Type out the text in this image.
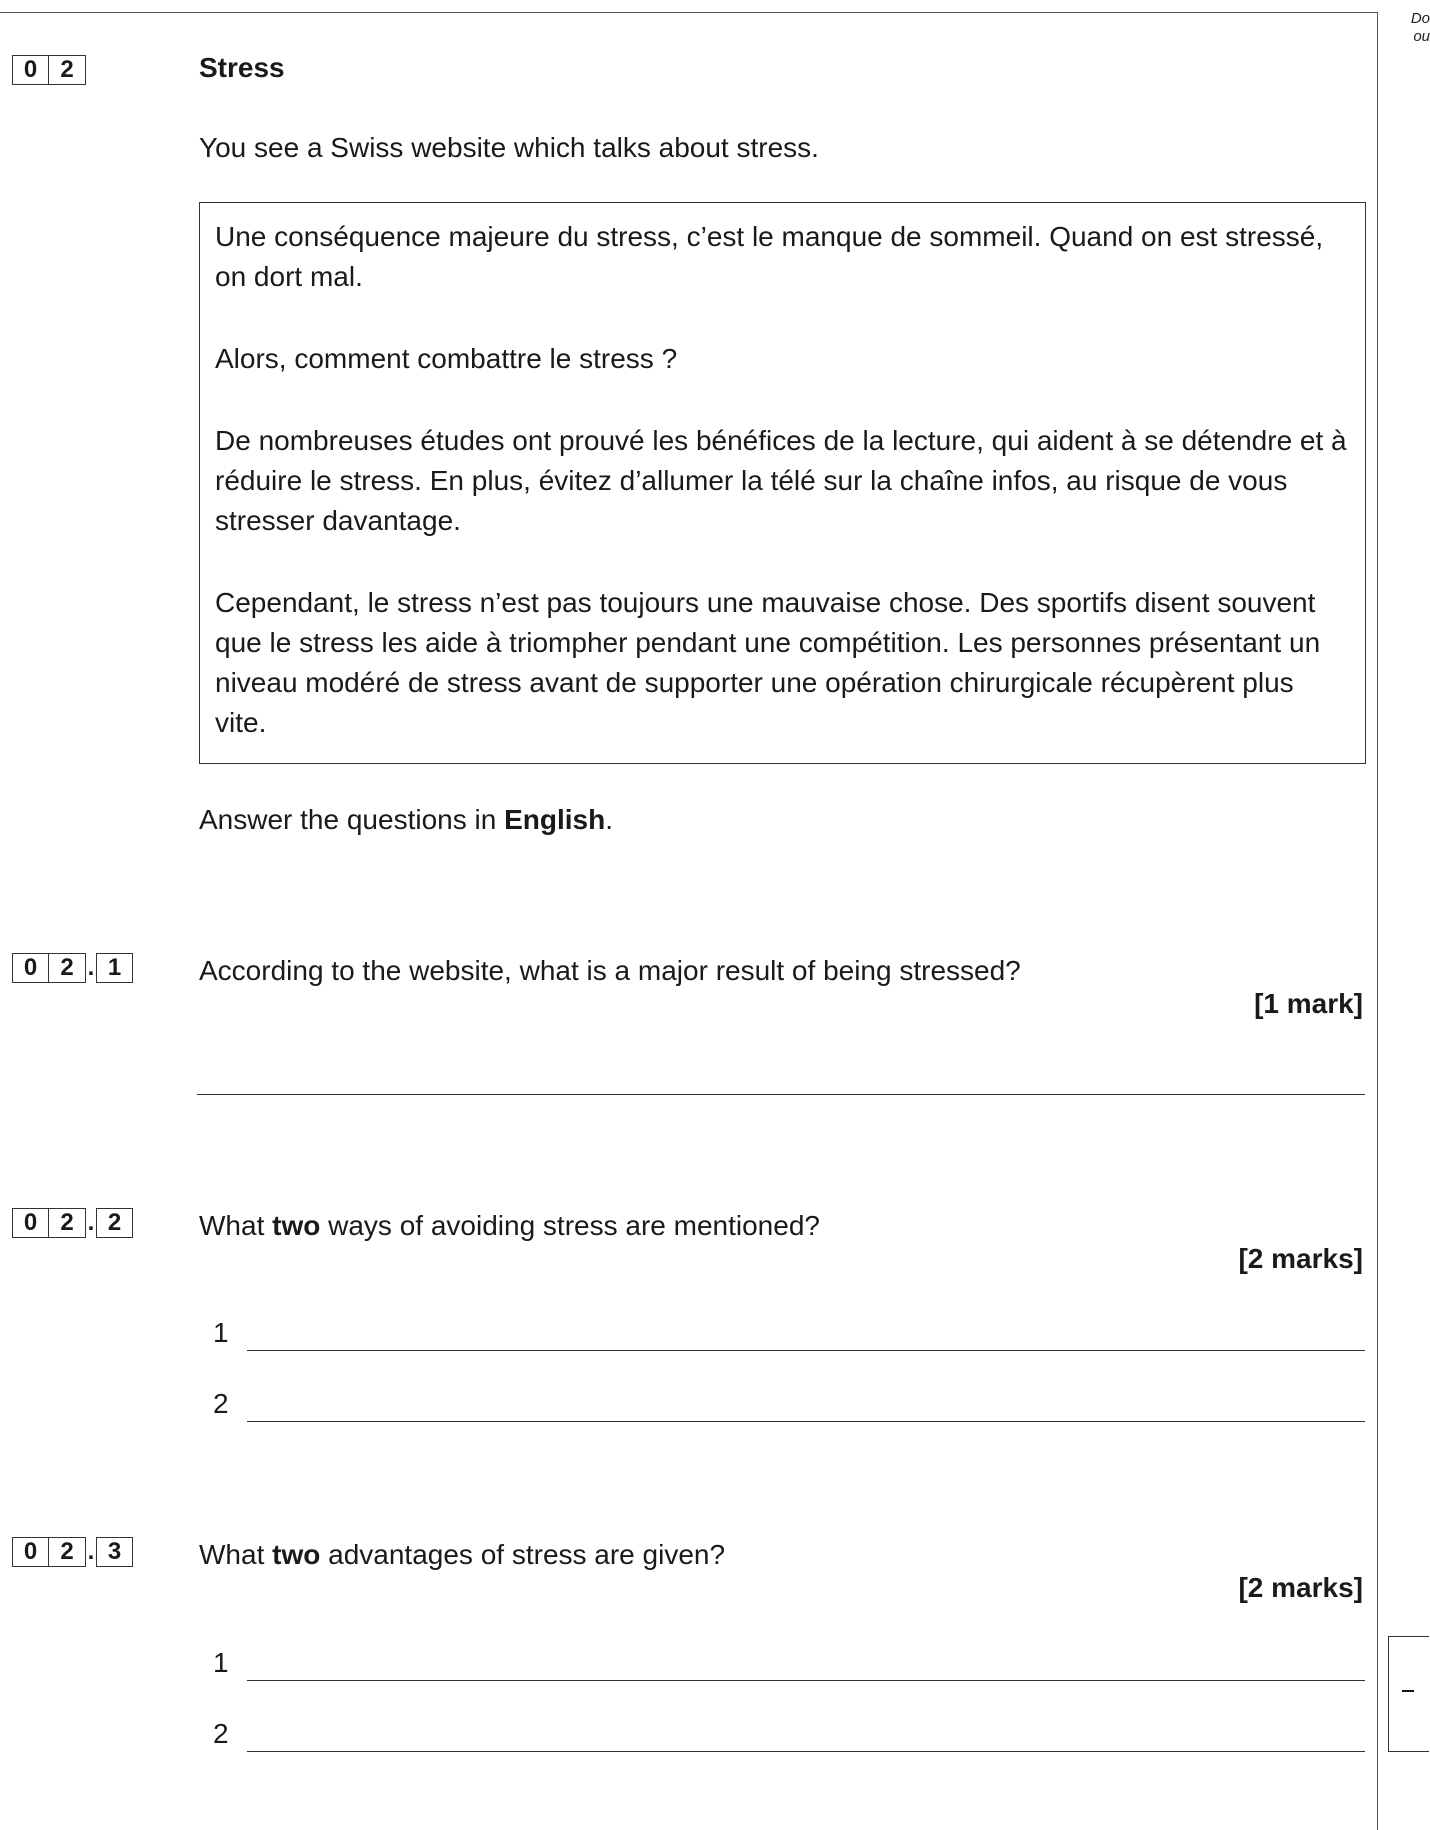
Do
ou
0 2	Stress
You see a Swiss website which talks about stress.

Une conséquence majeure du stress, c’est le manque de sommeil. Quand on est stressé, on dort mal.

Alors, comment combattre le stress ?

De nombreuses études ont prouvé les bénéfices de la lecture, qui aident à se détendre et à réduire le stress. En plus, évitez d’allumer la télé sur la chaîne infos, au risque de vous stresser davantage.

Cependant, le stress n’est pas toujours une mauvaise chose. Des sportifs disent souvent que le stress les aide à triompher pendant une compétition. Les personnes présentant un niveau modéré de stress avant de supporter une opération chirurgicale récupèrent plus vite.

Answer the questions in English.
0 2 . 1	According to the website, what is a major result of being stressed?
[1 mark]
0 2 . 2	What two ways of avoiding stress are mentioned?
[2 marks]
1
2
0 2 . 3	What two advantages of stress are given?
[2 marks]
1
2
